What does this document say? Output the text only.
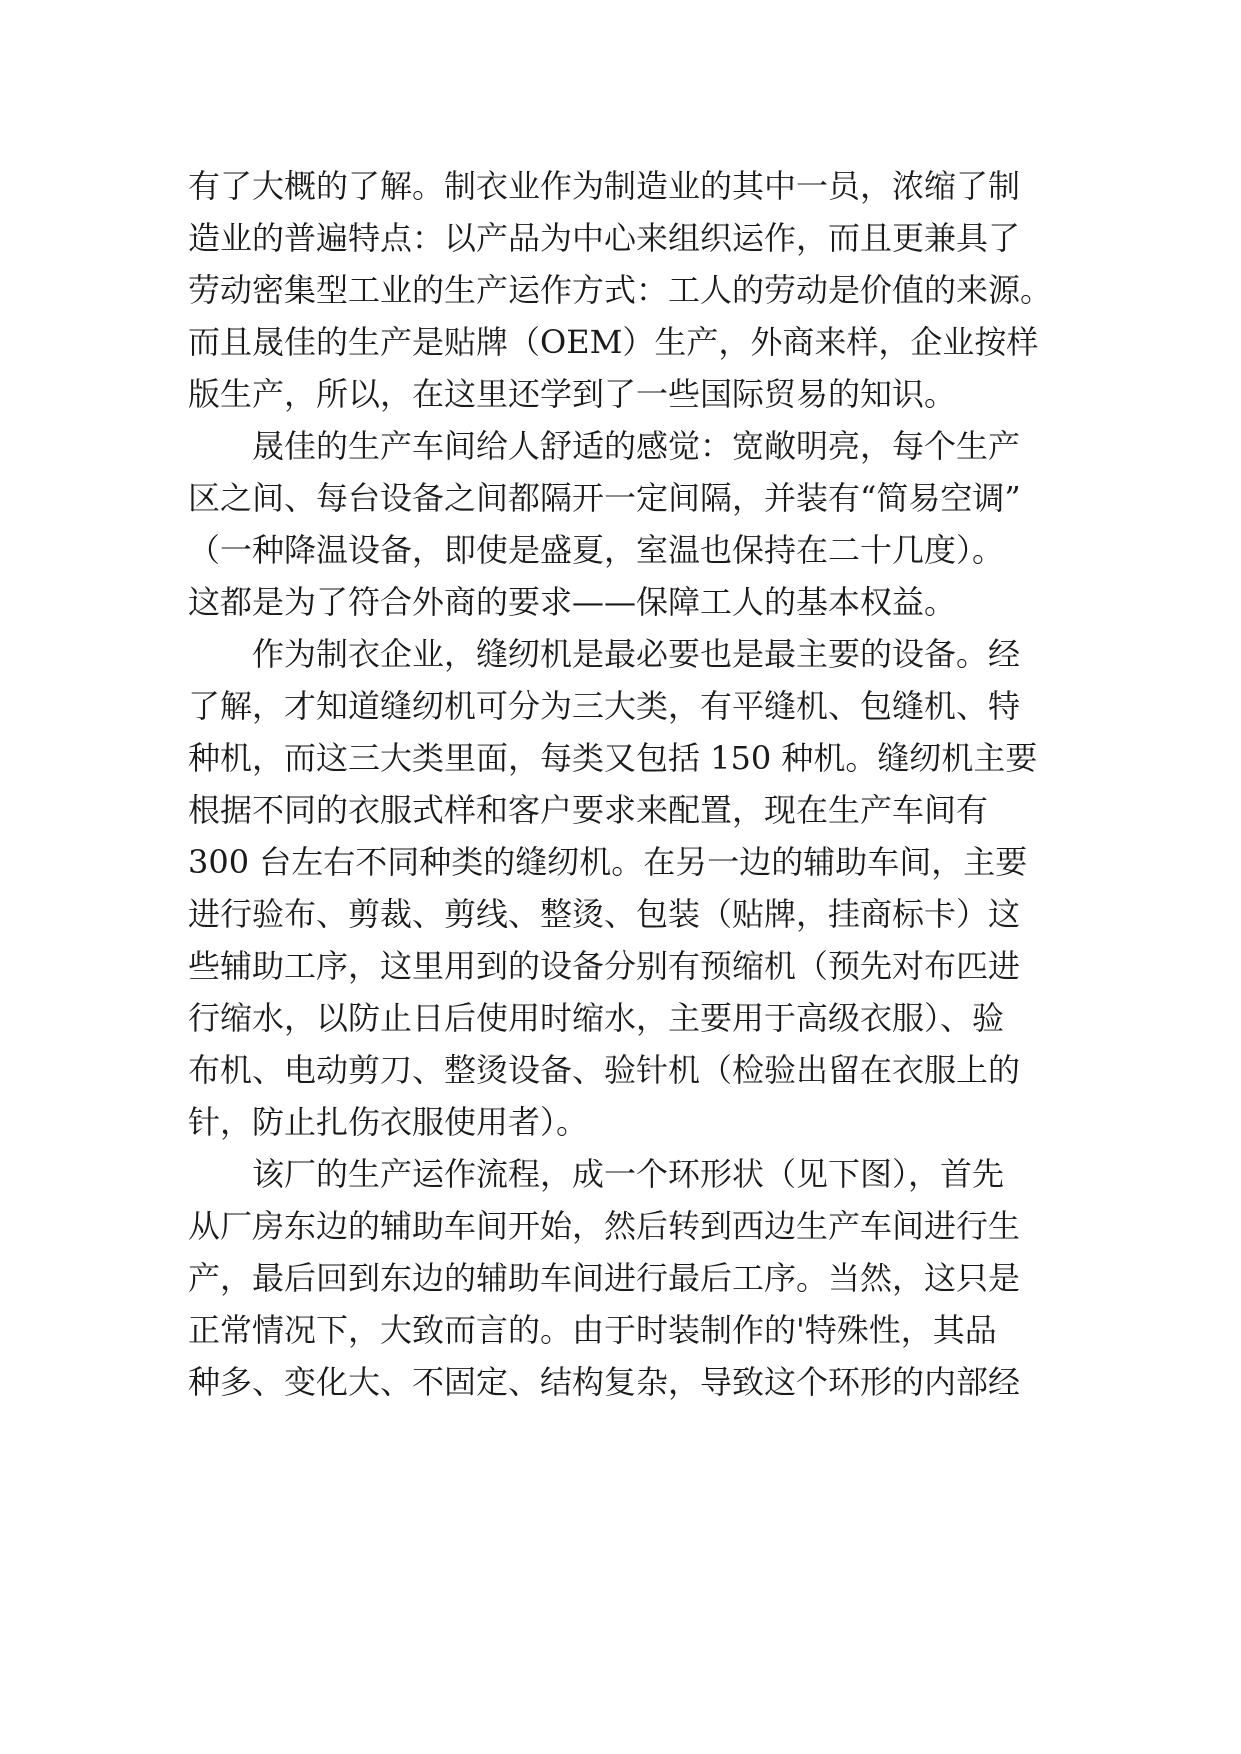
有了大概的了解。制衣业作为制造业的其中一员，浓缩了制
造业的普遍特点：以产品为中心来组织运作，而且更兼具了
劳动密集型工业的生产运作方式：工人的劳动是价值的来源。
而且晟佳的生产是贴牌（OEM）生产，外商来样，企业按样
版生产，所以，在这里还学到了一些国际贸易的知识。
晟佳的生产车间给人舒适的感觉：宽敞明亮，每个生产
区之间、每台设备之间都隔开一定间隔，并装有“简易空调”
（一种降温设备，即使是盛夏，室温也保持在二十几度）。
这都是为了符合外商的要求——保障工人的基本权益。
作为制衣企业，缝纫机是最必要也是最主要的设备。经
了解，才知道缝纫机可分为三大类，有平缝机、包缝机、特
种机，而这三大类里面，每类又包括 150 种机。缝纫机主要
根据不同的衣服式样和客户要求来配置，现在生产车间有
300 台左右不同种类的缝纫机。在另一边的辅助车间，主要
进行验布、剪裁、剪线、整烫、包装（贴牌，挂商标卡）这
些辅助工序，这里用到的设备分别有预缩机（预先对布匹进
行缩水，以防止日后使用时缩水，主要用于高级衣服）、验
布机、电动剪刀、整烫设备、验针机（检验出留在衣服上的
针，防止扎伤衣服使用者）。
该厂的生产运作流程，成一个环形状（见下图），首先
从厂房东边的辅助车间开始，然后转到西边生产车间进行生
产，最后回到东边的辅助车间进行最后工序。当然，这只是
正常情况下，大致而言的。由于时装制作的'特殊性，其品
种多、变化大、不固定、结构复杂，导致这个环形的内部经
